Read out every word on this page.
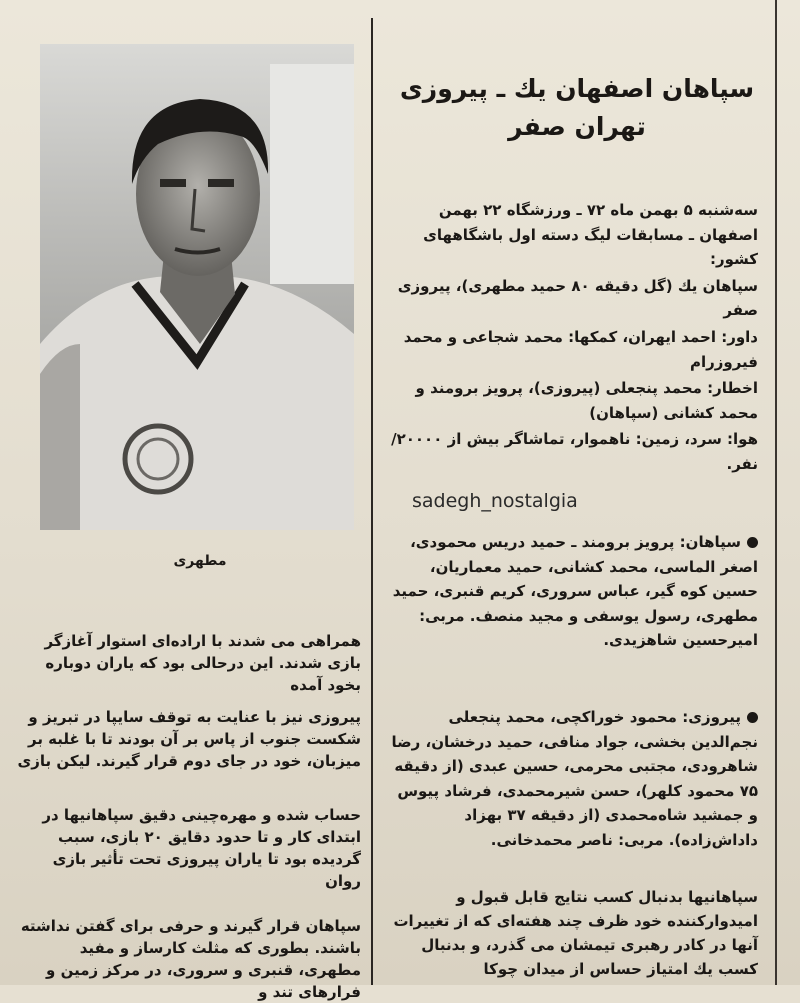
مطهری
همراهی می شدند با اراده‌ای استوار آغازگر بازی شدند. این درحالی بود که یاران دوباره بخود آمده
پیروزی نیز با عنایت به توقف سایپا در تبریز و شکست جنوب از پاس بر آن بودند تا با غلبه بر میزبان، خود در جای دوم قرار گیرند. لیکن بازی
حساب شده و مهره‌چینی دقیق سپاهانیها در ابتدای کار و تا حدود دقایق ۲۰ بازی، سبب گردیده بود تا یاران پیروزی تحت تأثیر بازی روان
سپاهان قرار گیرند و حرفی برای گفتن نداشته باشند. بطوری که مثلث کارساز و مفید مطهری، قنبری و سروری، در مرکز زمین و فرارهای تند و
سپاهان اصفهان یك ـ پیروزی
تهران صفر

سه‌شنبه ۵ بهمن ماه ۷۲ ـ ورزشگاه ۲۲ بهمن اصفهان ـ مسابقات لیگ دسته اول باشگاههای کشور:

سپاهان یك (گل دقیقه ۸۰ حمید مطهری)، پیروزی صفر

داور: احمد ایهران، کمکها: محمد شجاعی و محمد فیروزرام

اخطار: محمد پنجعلی (پیروزی)، پرویز برومند و محمد کشانی (سپاهان)

هوا: سرد، زمین: ناهموار، تماشاگر بیش از ۲۰۰۰۰/ نفر.

sadegh_nostalgia
سپاهان: پرویز برومند ـ حمید دریس محمودی، اصغر الماسی، محمد کشانی، حمید معماریان، حسین کوه گیر، عباس سروری، کریم قنبری، حمید مطهری، رسول یوسفی و مجید منصف. مربی: امیرحسین شاهزیدی.
پیروزی: محمود خوراکچی، محمد پنجعلی نجم‌الدین بخشی، جواد منافی، حمید درخشان، رضا شاهرودی، مجتبی محرمی، حسین عبدی (از دقیقه ۷۵ محمود کلهر)، حسن شیرمحمدی، فرشاد پیوس و جمشید شاه‌محمدی (از دقیقه ۳۷ بهزاد داداش‌زاده). مربی: ناصر محمدخانی.
سپاهانیها بدنبال کسب نتایج قابل قبول و امیدوارکننده خود ظرف چند هفته‌ای که از تغییرات آنها در کادر رهبری تیمشان می گذرد، و بدنبال کسب یك امتیاز حساس از میدان چوکا
